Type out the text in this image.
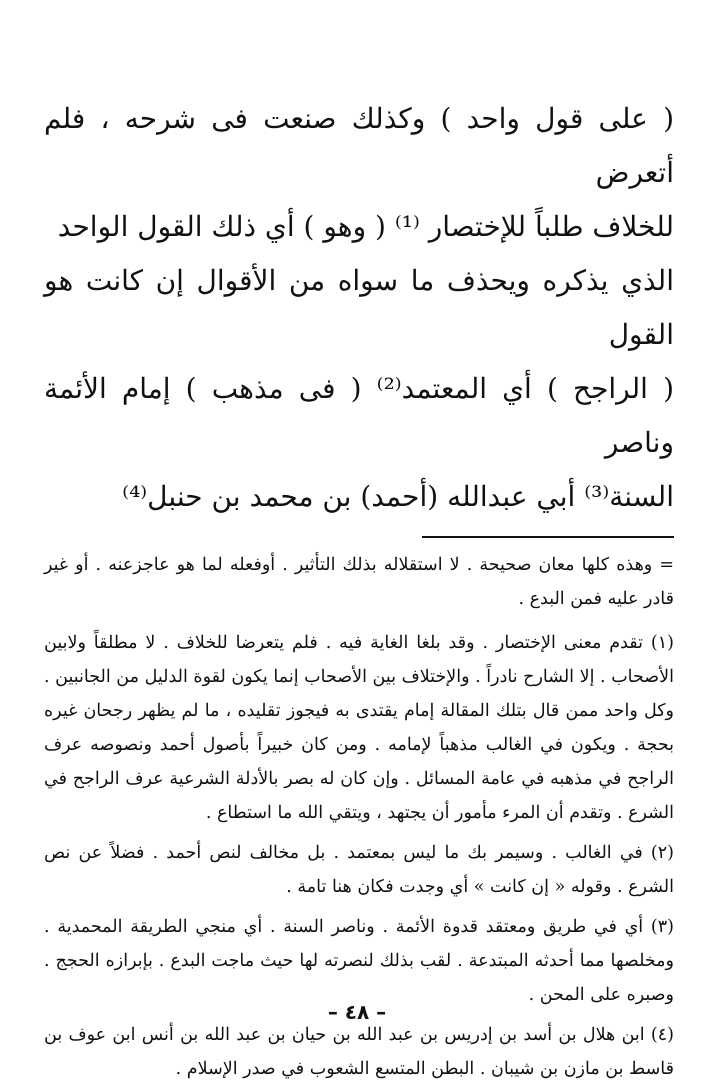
( على قول واحد ) وكذلك صنعت فى شرحه ، فلم أتعرض

للخلاف طلباً للإختصار ⁽¹⁾ ( وهو ) أي ذلك القول الواحد

الذي يذكره ويحذف ما سواه من الأقوال إن كانت هو القول

( الراجح ) أي المعتمد⁽²⁾ ( فى مذهب ) إمام الأئمة وناصر

السنة⁽³⁾ أبي عبدالله (أحمد) بن محمد بن حنبل⁽⁴⁾

= وهذه كلها معان صحيحة . لا استقلاله بذلك التأثير . أوفعله لما هو عاجزعنه . أو غير قادر عليه فمن البدع .

(١) تقدم معنى الإختصار . وقد بلغا الغاية فيه . فلم يتعرضا للخلاف . لا مطلقاً ولابين الأصحاب . إلا الشارح نادراً . والإختلاف بين الأصحاب إنما يكون لقوة الدليل من الجانبين . وكل واحد ممن قال بتلك المقالة إمام يقتدى به فيجوز تقليده ، ما لم يظهر رجحان غيره بحجة . ويكون في الغالب مذهباً لإمامه . ومن كان خبيراً بأصول أحمد ونصوصه عرف الراجح في مذهبه في عامة المسائل . وإن كان له بصر بالأدلة الشرعية عرف الراجح في الشرع . وتقدم أن المرء مأمور أن يجتهد ، ويتقي الله ما استطاع .

(٢) في الغالب . وسيمر بك ما ليس بمعتمد . بل مخالف لنص أحمد . فضلاً عن نص الشرع . وقوله « إن كانت » أي وجدت فكان هنا تامة .

(٣) أي في طريق ومعتقد قدوة الأئمة . وناصر السنة . أي منجي الطريقة المحمدية . ومخلصها مما أحدثه المبتدعة . لقب بذلك لنصرته لها حيث ماجت البدع . بإبرازه الحجج . وصبره على المحن .

(٤) ابن هلال بن أسد بن إدريس بن عبد الله بن حيان بن عبد الله بن أنس ابن عوف بن قاسط بن مازن بن شيبان . البطن المتسع الشعوب في صدر الإسلام .

– ٤٨ –
